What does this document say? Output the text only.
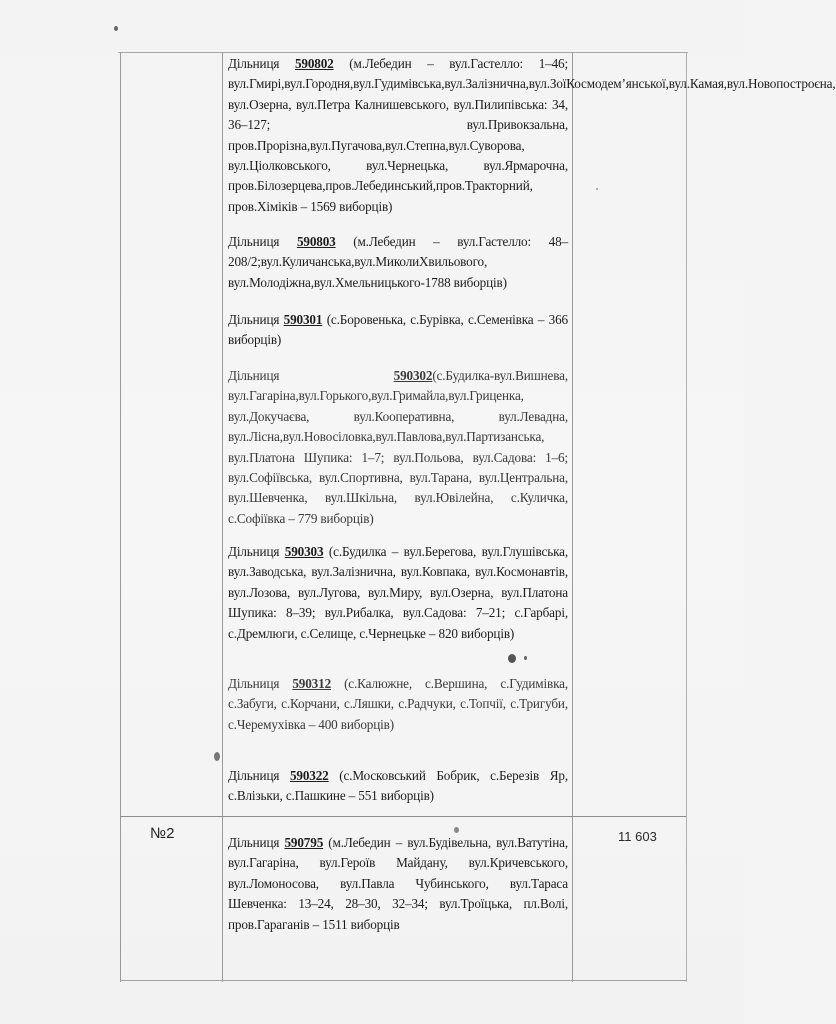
Дільниця 590802 (м.Лебедин – вул.Гастелло: 1–46; вул.Гмирі,вул.Городня,вул.Гудимівська,вул.Залізнична,вул.ЗоїКосмодем’янської,вул.Камая,вул.Новопостроєна, вул.Озерна, вул.Петра Калнишевського, вул.Пилипівська: 34, 36–127; вул.Привокзальна, пров.Прорізна,вул.Пугачова,вул.Степна,вул.Суворова, вул.Ціолковського, вул.Чернецька, вул.Ярмарочна, пров.Білозерцева,пров.Лебединський,пров.Тракторний, пров.Хіміків – 1569 виборців)
Дільниця 590803 (м.Лебедин – вул.Гастелло: 48–208/2;вул.Куличанська,вул.МиколиХвильового, вул.Молодіжна,вул.Хмельницького-1788 виборців)
Дільниця 590301 (с.Боровенька, с.Бурівка, с.Семенівка – 366 виборців)
Дільниця 590302(с.Будилка-вул.Вишнева, вул.Гагаріна,вул.Горького,вул.Гримайла,вул.Гриценка, вул.Докучаєва, вул.Кооперативна, вул.Левадна, вул.Лісна,вул.Новосіловка,вул.Павлова,вул.Партизанська, вул.Платона Шупика: 1–7; вул.Польова, вул.Садова: 1–6; вул.Софіївська, вул.Спортивна, вул.Тарана, вул.Центральна, вул.Шевченка, вул.Шкільна, вул.Ювілейна, с.Куличка, с.Софіївка – 779 виборців)
Дільниця 590303 (с.Будилка – вул.Берегова, вул.Глушівська, вул.Заводська, вул.Залізнична, вул.Ковпака, вул.Космонавтів, вул.Лозова, вул.Лугова, вул.Миру, вул.Озерна, вул.Платона Шупика: 8–39; вул.Рибалка, вул.Садова: 7–21; с.Гарбарі, с.Дремлюги, с.Селище, с.Чернецьке – 820 виборців)
Дільниця 590312 (с.Калюжне, с.Вершина, с.Гудимівка, с.Забуги, с.Корчани, с.Ляшки, с.Радчуки, с.Топчії, с.Тригуби, с.Черемухівка – 400 виборців)
Дільниця 590322 (с.Московський Бобрик, с.Березів Яр, с.Влізьки, с.Пашкине – 551 виборців)
№2
Дільниця 590795 (м.Лебедин – вул.Будівельна, вул.Ватутіна, вул.Гагаріна, вул.Героїв Майдану, вул.Кричевського, вул.Ломоносова, вул.Павла Чубинського, вул.Тараса Шевченка: 13–24, 28–30, 32–34; вул.Троїцька, пл.Волі, пров.Гараганів – 1511 виборців
11 603
